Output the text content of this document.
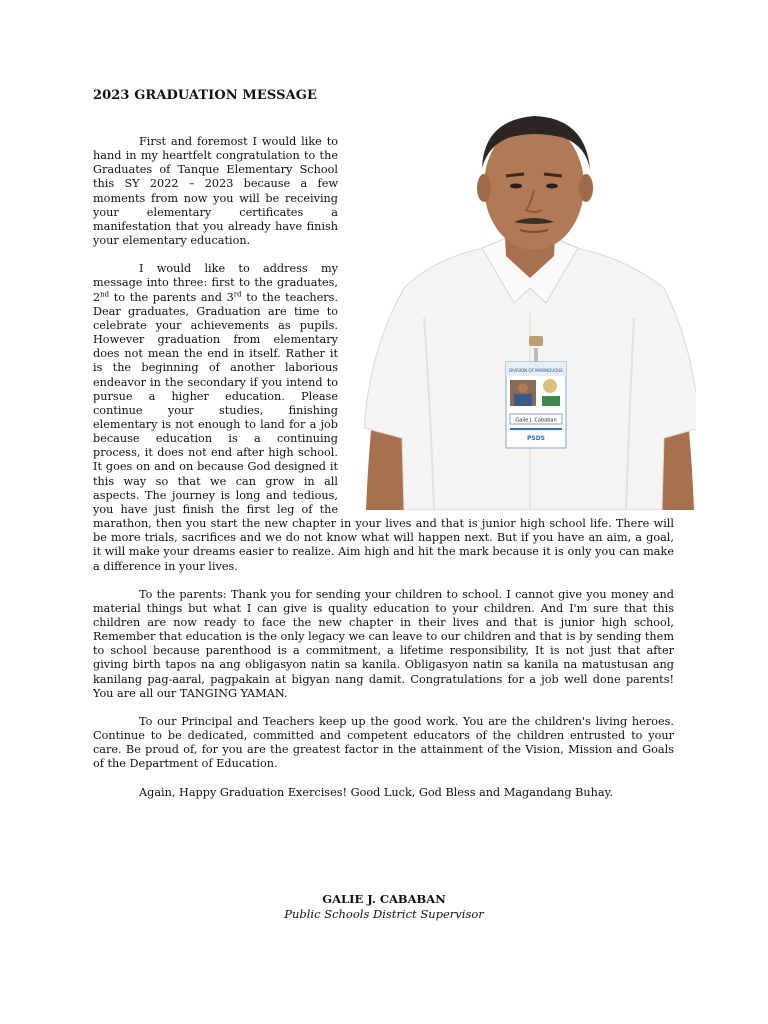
2023 GRADUATION MESSAGE
DIVISION OF MARINDUQUE
Galie J. Cababan
PSDS

First and foremost I would like to hand in my heartfelt congratulation to the Graduates of Tanque Elementary School this SY 2022 – 2023 because a few moments from now you will be receiving your elementary certificates a manifestation that you already have finish your elementary education.

I would like to address my message into three: first to the graduates, 2nd to the parents and 3rd to the teachers. Dear graduates, Graduation are time to celebrate your achievements as pupils. However graduation from elementary does not mean the end in itself. Rather it is the beginning of another laborious endeavor in the secondary if you intend to pursue a higher education. Please continue your studies, finishing elementary is not enough to land for a job because education is a continuing process, it does not end after high school. It goes on and on because God designed it this way so that we can grow in all aspects. The journey is long and tedious, you have just finish the first leg of the marathon, then you start the new chapter in your lives and that is junior high school life. There will be more trials, sacrifices and we do not know what will happen next. But if you have an aim, a goal, it will make your dreams easier to realize. Aim high and hit the mark because it is only you can make a difference in your lives.

To the parents: Thank you for sending your children to school. I cannot give you money and material things but what I can give is quality education to your children. And I'm sure that this children are now ready to face the new chapter in their lives and that is junior high school, Remember that education is the only legacy we can leave to our children and that is by sending them to school because parenthood is a commitment, a lifetime responsibility, It is not just that after giving birth tapos na ang obligasyon natin sa kanila. Obligasyon natin sa kanila na matustusan ang kanilang pag-aaral, pagpakain at bigyan nang damit. Congratulations for a job well done parents! You are all our TANGING YAMAN.

To our Principal and Teachers keep up the good work. You are the children's living heroes. Continue to be dedicated, committed and competent educators of the children entrusted to your care. Be proud of, for you are the greatest factor in the attainment of the Vision, Mission and Goals of the Department of Education.

Again, Happy Graduation Exercises! Good Luck, God Bless and Magandang Buhay.

GALIE J. CABABAN
Public Schools District Supervisor
